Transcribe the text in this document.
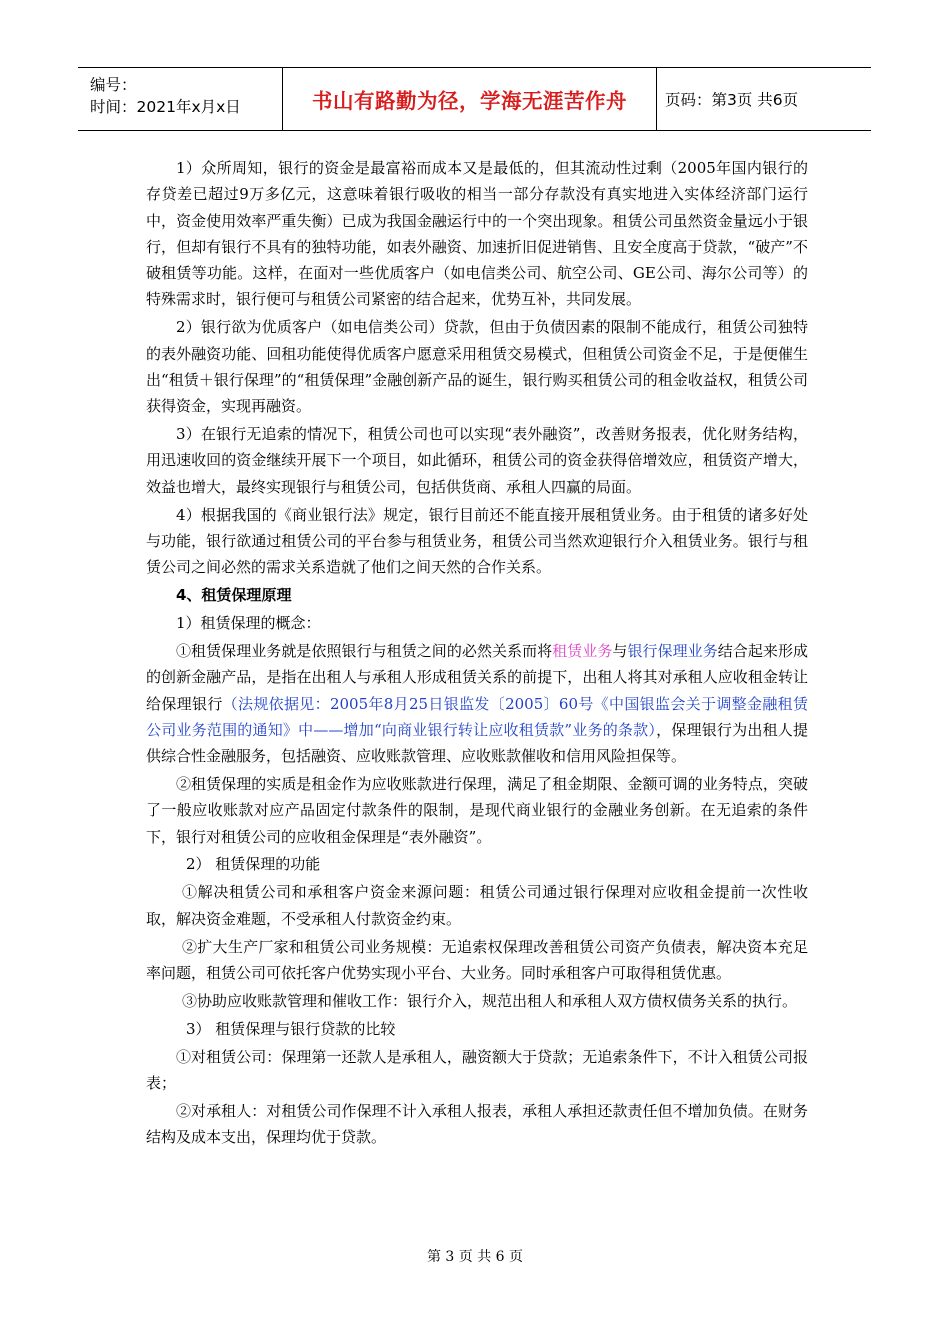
编号：
时间：2021年x月x日	书山有路勤为径，学海无涯苦作舟	页码：第3页 共6页

1）众所周知，银行的资金是最富裕而成本又是最低的，但其流动性过剩（2005年国内银行的存贷差已超过9万多亿元，这意味着银行吸收的相当一部分存款没有真实地进入实体经济部门运行中，资金使用效率严重失衡）已成为我国金融运行中的一个突出现象。租赁公司虽然资金量远小于银行，但却有银行不具有的独特功能，如表外融资、加速折旧促进销售、且安全度高于贷款，“破产”不破租赁等功能。这样，在面对一些优质客户（如电信类公司、航空公司、GE公司、海尔公司等）的特殊需求时，银行便可与租赁公司紧密的结合起来，优势互补，共同发展。

2）银行欲为优质客户（如电信类公司）贷款，但由于负债因素的限制不能成行，租赁公司独特的表外融资功能、回租功能使得优质客户愿意采用租赁交易模式，但租赁公司资金不足，于是便催生出“租赁＋银行保理”的“租赁保理”金融创新产品的诞生，银行购买租赁公司的租金收益权，租赁公司获得资金，实现再融资。

3）在银行无追索的情况下，租赁公司也可以实现“表外融资”，改善财务报表，优化财务结构，用迅速收回的资金继续开展下一个项目，如此循环，租赁公司的资金获得倍增效应，租赁资产增大，效益也增大，最终实现银行与租赁公司，包括供货商、承租人四赢的局面。

4）根据我国的《商业银行法》规定，银行目前还不能直接开展租赁业务。由于租赁的诸多好处与功能，银行欲通过租赁公司的平台参与租赁业务，租赁公司当然欢迎银行介入租赁业务。银行与租赁公司之间必然的需求关系造就了他们之间天然的合作关系。

4、租赁保理原理

1）租赁保理的概念：

①租赁保理业务就是依照银行与租赁之间的必然关系而将租赁业务与银行保理业务结合起来形成的创新金融产品，是指在出租人与承租人形成租赁关系的前提下，出租人将其对承租人应收租金转让给保理银行（法规依据见：2005年8月25日银监发〔2005〕60号《中国银监会关于调整金融租赁公司业务范围的通知》中——增加“向商业银行转让应收租赁款”业务的条款），保理银行为出租人提供综合性金融服务，包括融资、应收账款管理、应收账款催收和信用风险担保等。

②租赁保理的实质是租金作为应收账款进行保理，满足了租金期限、金额可调的业务特点，突破了一般应收账款对应产品固定付款条件的限制，是现代商业银行的金融业务创新。在无追索的条件下，银行对租赁公司的应收租金保理是“表外融资”。

2） 租赁保理的功能

①解决租赁公司和承租客户资金来源问题：租赁公司通过银行保理对应收租金提前一次性收取，解决资金难题，不受承租人付款资金约束。

②扩大生产厂家和租赁公司业务规模：无追索权保理改善租赁公司资产负债表，解决资本充足率问题，租赁公司可依托客户优势实现小平台、大业务。同时承租客户可取得租赁优惠。

③协助应收账款管理和催收工作：银行介入，规范出租人和承租人双方债权债务关系的执行。

3） 租赁保理与银行贷款的比较

①对租赁公司：保理第一还款人是承租人，融资额大于贷款；无追索条件下，不计入租赁公司报表；

②对承租人：对租赁公司作保理不计入承租人报表，承租人承担还款责任但不增加负债。在财务结构及成本支出，保理均优于贷款。

第 3 页 共 6 页
